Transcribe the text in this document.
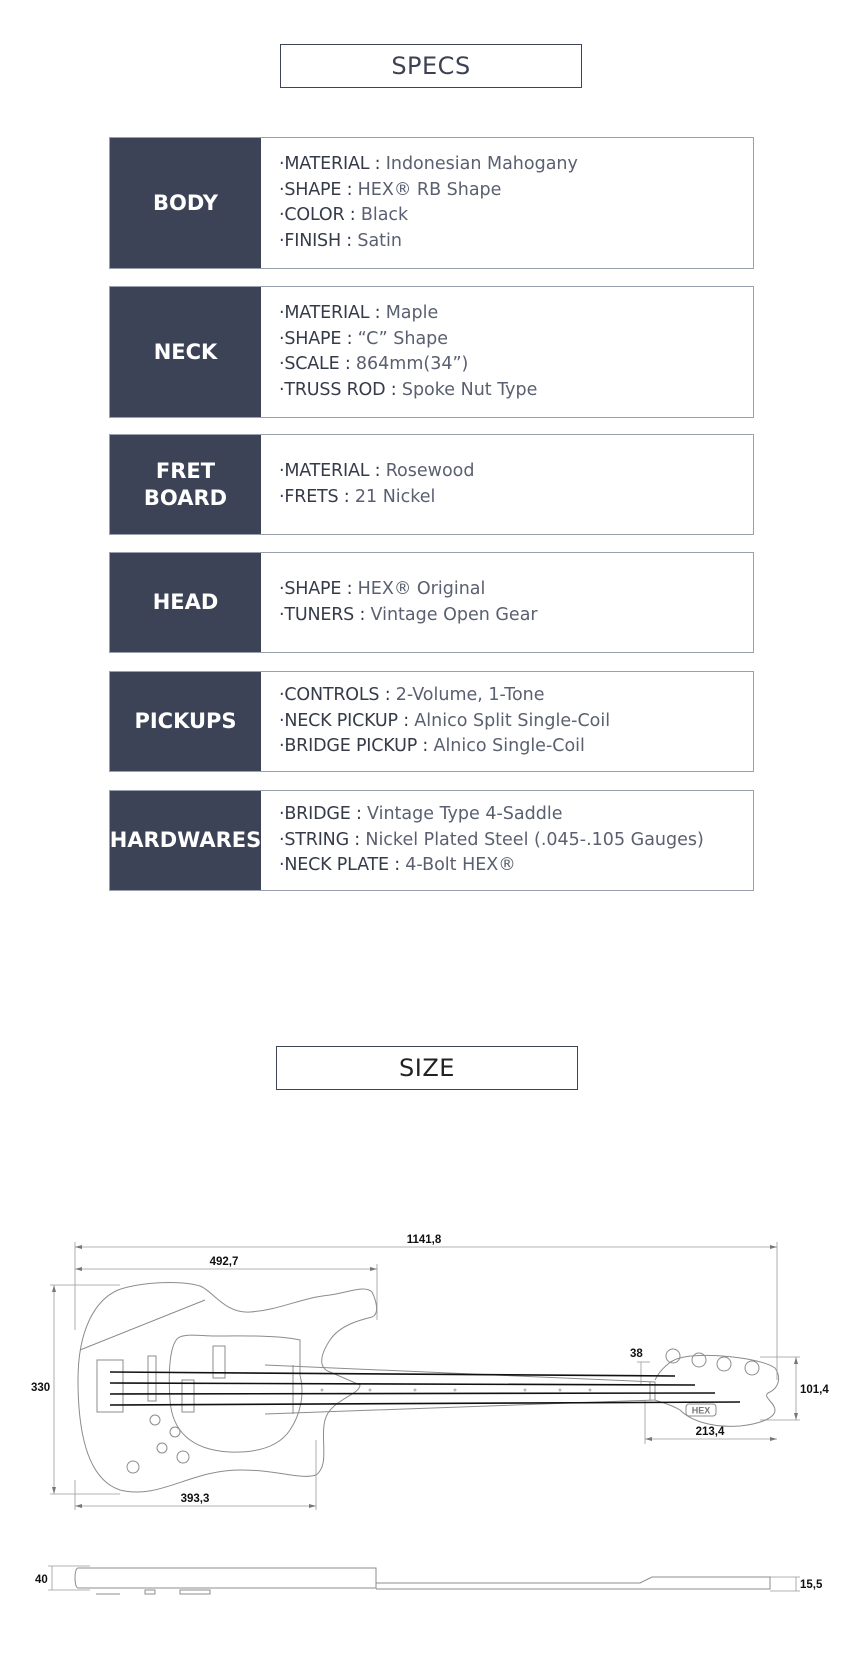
SPECS
BODY
·MATERIAL : Indonesian Mahogany
·SHAPE : HEX® RB Shape
·COLOR : Black
·FINISH : Satin
NECK
·MATERIAL : Maple
·SHAPE : “C” Shape
·SCALE : 864mm(34”)
·TRUSS ROD : Spoke Nut Type
FRET
BOARD
·MATERIAL : Rosewood
·FRETS : 21 Nickel
HEAD
·SHAPE : HEX® Original
·TUNERS : Vintage Open Gear
PICKUPS
·CONTROLS : 2-Volume, 1-Tone
·NECK PICKUP : Alnico Split Single-Coil
·BRIDGE PICKUP : Alnico Single-Coil
HARDWARES
·BRIDGE : Vintage Type 4-Saddle
·STRING : Nickel Plated Steel (.045-.105 Gauges)
·NECK PLATE : 4-Bolt HEX®
SIZE
1141,8
492,7
330
393,3
38
101,4
213,4
40	15,5
HEX
